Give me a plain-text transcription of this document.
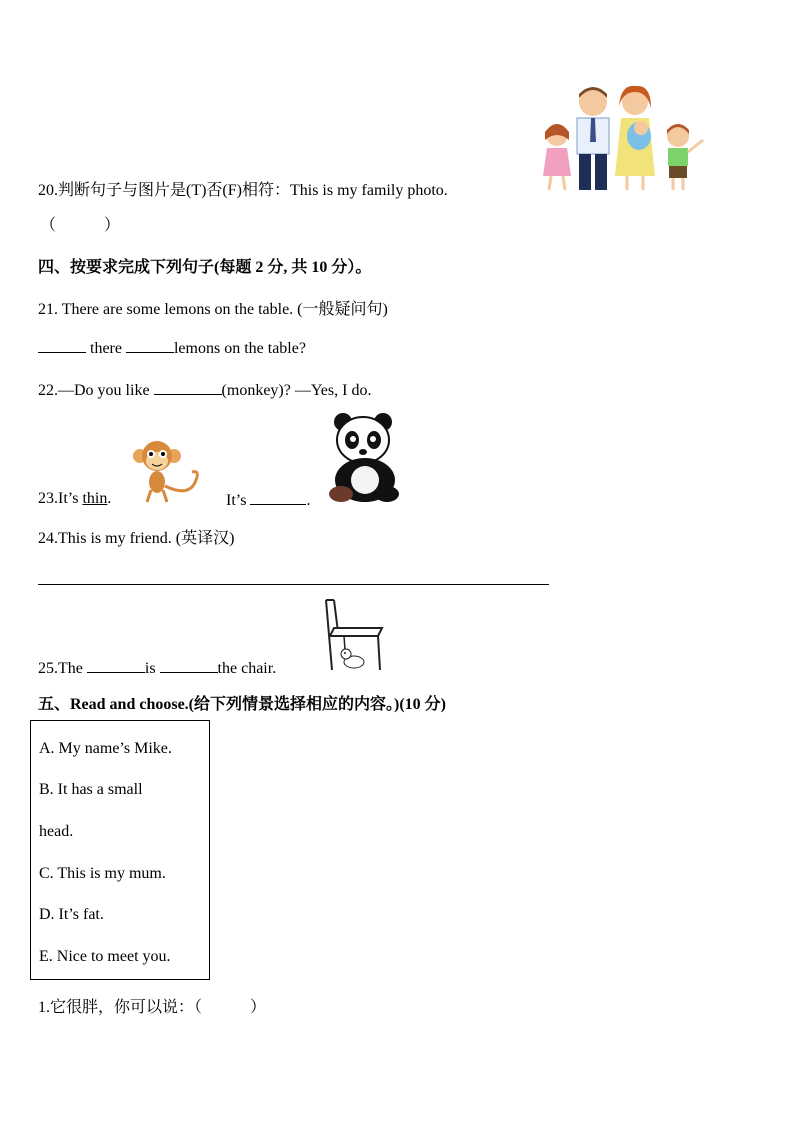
20.判断句子与图片是(T)否(F)相符：This is my family photo.
（　　　）
四、按要求完成下列句子(每题 2 分, 共 10 分）。
21. There are some lemons on the table. (一般疑问句)
there	lemons on the table?
22.—Do you like	(monkey)? —Yes, I do.
23.It’s thin.	It’s	.
24.This is my friend. (英译汉)
25.The	is	the chair.
五、Read and choose.(给下列情景选择相应的内容。)(10 分)
A. My name’s Mike.
B. It has a small
head.
C. This is my mum.
D. It’s fat.
E. Nice to meet you.
1.它很胖，你可以说：（　　　）
